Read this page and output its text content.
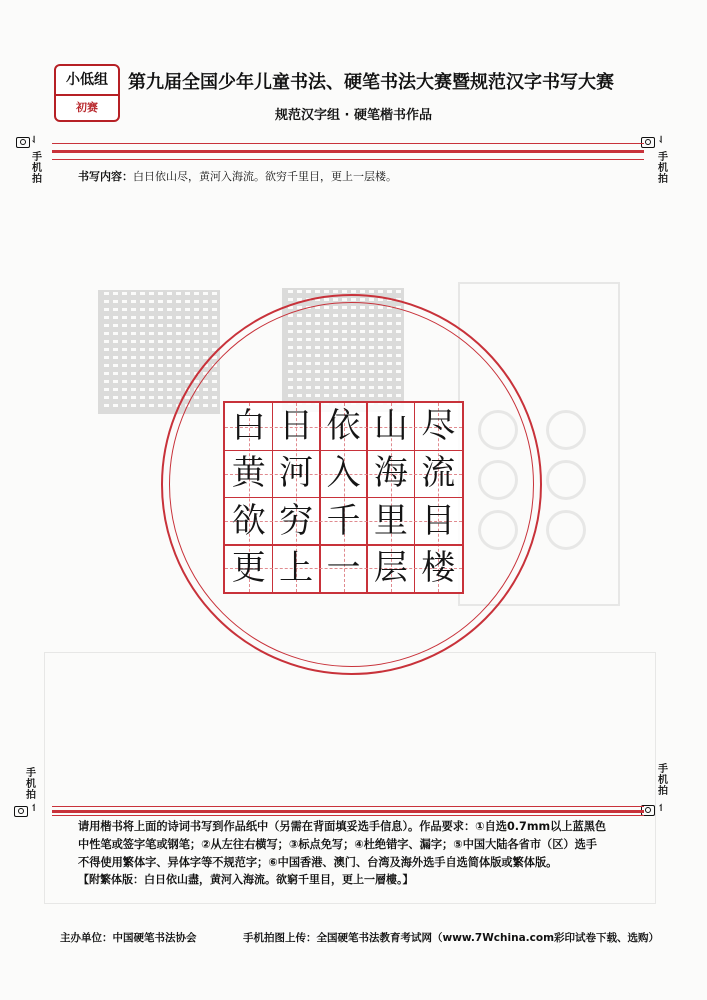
小低组
初赛
第九届全国少年儿童书法、硬笔书法大赛暨规范汉字书写大赛
规范汉字组 · 硬笔楷书作品
⇃
手机拍
⇃
手机拍
手机拍
↿
手机拍
↿
书写内容：白日依山尽，黄河入海流。欲穷千里目，更上一层楼。
白 日 依 山 尽
黄 河 入 海 流
欲 穷 千 里 目
更 上 一 层 楼
请用楷书将上面的诗词书写到作品纸中（另需在背面填妥选手信息）。作品要求：①自选0.7mm以上蓝黑色
中性笔或签字笔或钢笔；②从左往右横写；③标点免写；④杜绝错字、漏字；⑤中国大陆各省市（区）选手
不得使用繁体字、异体字等不规范字；⑥中国香港、澳门、台湾及海外选手自选简体版或繁体版。
【附繁体版：白日依山盡，黄河入海流。欲窮千里目，更上一層樓。】
主办单位：中国硬笔书法协会	手机拍图上传：全国硬笔书法教育考试网（www.7Wchina.com彩印试卷下载、选购）
